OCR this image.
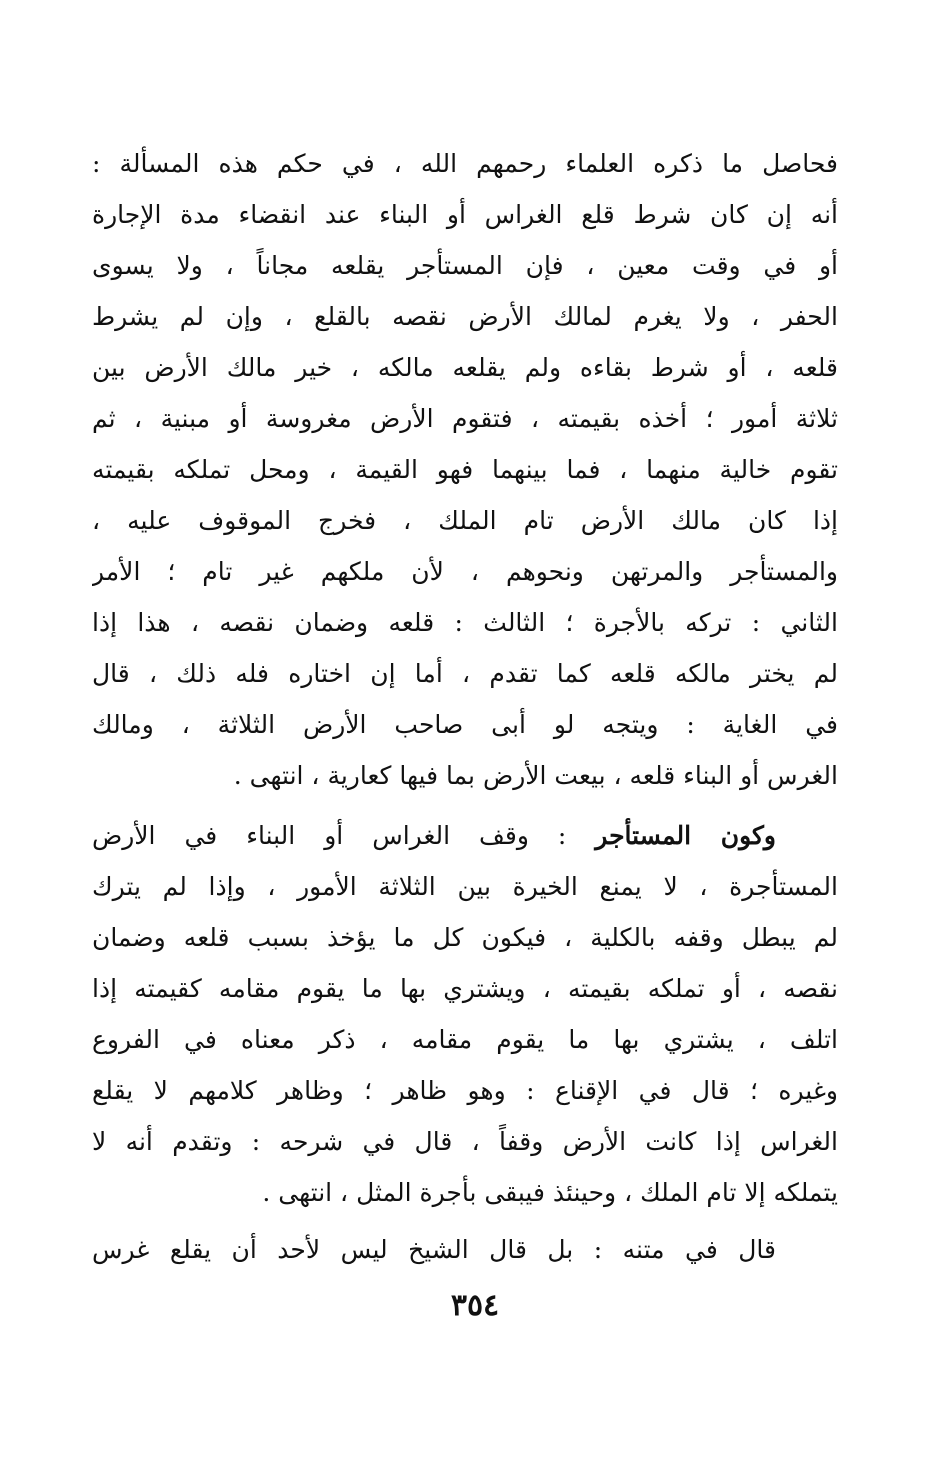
فحاصل ما ذكره العلماء رحمهم الله ، في حكم هذه المسألة :
أنه إن كان شرط قلع الغراس أو البناء عند انقضاء مدة الإجارة
أو في وقت معين ، فإن المستأجر يقلعه مجاناً ، ولا يسوى
الحفر ، ولا يغرم لمالك الأرض نقصه بالقلع ، وإن لم يشرط
قلعه ، أو شرط بقاءه ولم يقلعه مالكه ، خير مالك الأرض بين
ثلاثة أمور ؛ أخذه بقيمته ، فتقوم الأرض مغروسة أو مبنية ، ثم
تقوم خالية منهما ، فما بينهما فهو القيمة ، ومحل تملكه بقيمته
إذا كان مالك الأرض تام الملك ، فخرج الموقوف عليه ،
والمستأجر والمرتهن ونحوهم ، لأن ملكهم غير تام ؛ الأمر
الثاني : تركه بالأجرة ؛ الثالث : قلعه وضمان نقصه ، هذا إذا
لم يختر مالكه قلعه كما تقدم ، أما إن اختاره فله ذلك ، قال
في الغاية : ويتجه لو أبى صاحب الأرض الثلاثة ، ومالك
الغرس أو البناء قلعه ، بيعت الأرض بما فيها كعارية ، انتهى .
وكون المستأجر : وقف الغراس أو البناء في الأرض
المستأجرة ، لا يمنع الخيرة بين الثلاثة الأمور ، وإذا لم يترك
لم يبطل وقفه بالكلية ، فيكون كل ما يؤخذ بسبب قلعه وضمان
نقصه ، أو تملكه بقيمته ، ويشتري بها ما يقوم مقامه كقيمته إذا
اتلف ، يشتري بها ما يقوم مقامه ، ذكر معناه في الفروع
وغيره ؛ قال في الإقناع : وهو ظاهر ؛ وظاهر كلامهم لا يقلع
الغراس إذا كانت الأرض وقفاً ، قال في شرحه : وتقدم أنه لا
يتملكه إلا تام الملك ، وحينئذ فيبقى بأجرة المثل ، انتهى .
قال في متنه : بل قال الشيخ ليس لأحد أن يقلع غرس
٣٥٤
